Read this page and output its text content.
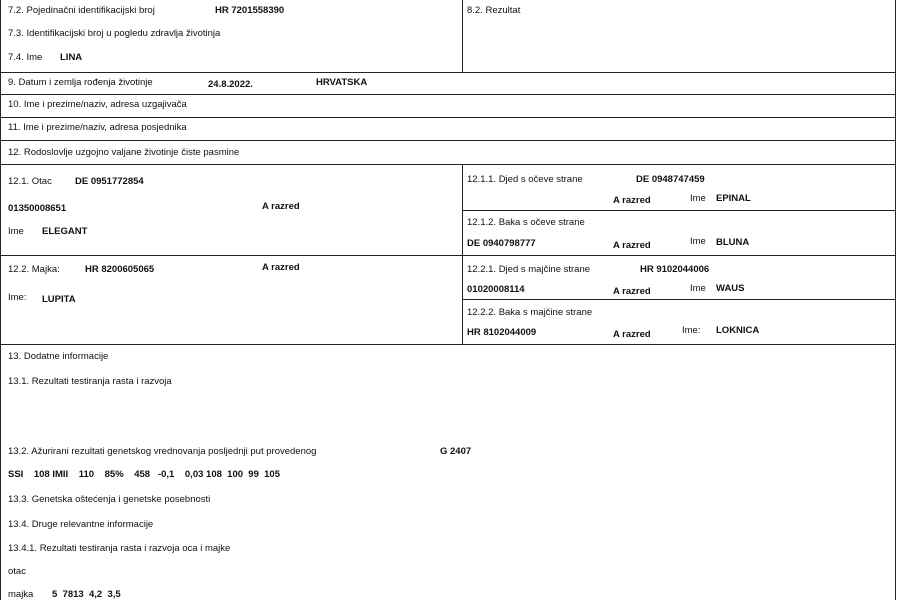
7.2. Pojedinačni identifikacijski broj	HR 7201558390
7.3. Identifikacijski broj u pogledu zdravlja životinja
7.4. Ime LINA
8.2. Rezultat
9. Datum i zemlja rođenja životinje	24.8.2022.	HRVATSKA
10. Ime i prezime/naziv, adresa uzgajivača
11. Ime i prezime/naziv, adresa posjednika
12. Rodoslovlje uzgojno valjane životinje čiste pasmine
12.1. Otac DE 0951772854
01350008651	A razred
Ime ELEGANT
12.1.1. Djed s očeve strane	DE 0948747459
A razred	Ime EPINAL
12.1.2. Baka s očeve strane
DE 0940798777	A razred	Ime BLUNA
12.2. Majka:	HR 8200605065	A razred
Ime: LUPITA
12.2.1. Djed s majčine strane	HR 9102044006
01020008114	A razred	Ime WAUS
12.2.2. Baka s majčine strane
HR 8102044009	A razred	Ime: LOKNICA
13. Dodatne informacije
13.1. Rezultati testiranja rasta i razvoja
13.2. Ažurirani rezultati genetskog vrednovanja posljednji put provedenog	G 2407
SSI    108 IMII    110    85%    458   -0,1    0,03 108  100  99  105
13.3. Genetska oštećenja i genetske posebnosti
13.4. Druge relevantne informacije
13.4.1. Rezultati testiranja rasta i razvoja oca i majke
otac
majka 5  7813  4,2  3,5
